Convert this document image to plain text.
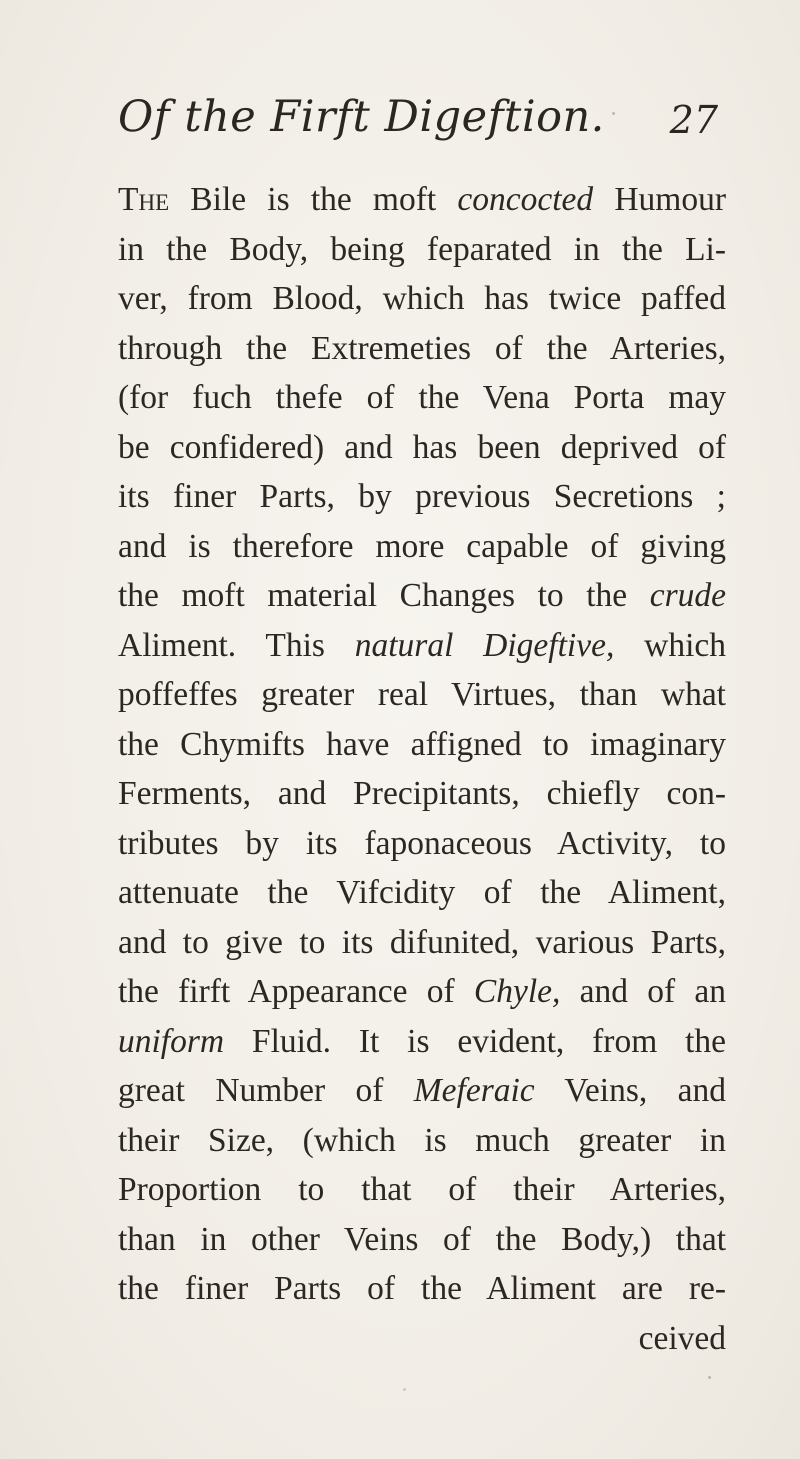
Of the Firft Digeftion. 27
The Bile is the moft concocted Humour
in the Body, being feparated in the Li-
ver, from Blood, which has twice paffed
through the Extremeties of the Arteries,
(for fuch thefe of the Vena Porta may
be confidered) and has been deprived of
its finer Parts, by previous Secretions ;
and is therefore more capable of giving
the moft material Changes to the crude
Aliment. This natural Digeftive, which
poffeffes greater real Virtues, than what
the Chymifts have affigned to imaginary
Ferments, and Precipitants, chiefly con-
tributes by its faponaceous Activity, to
attenuate the Vifcidity of the Aliment,
and to give to its difunited, various Parts,
the firft Appearance of Chyle, and of an
uniform Fluid. It is evident, from the
great Number of Meferaic Veins, and
their Size, (which is much greater in
Proportion to that of their Arteries,
than in other Veins of the Body,) that
the finer Parts of the Aliment are re-
ceived
